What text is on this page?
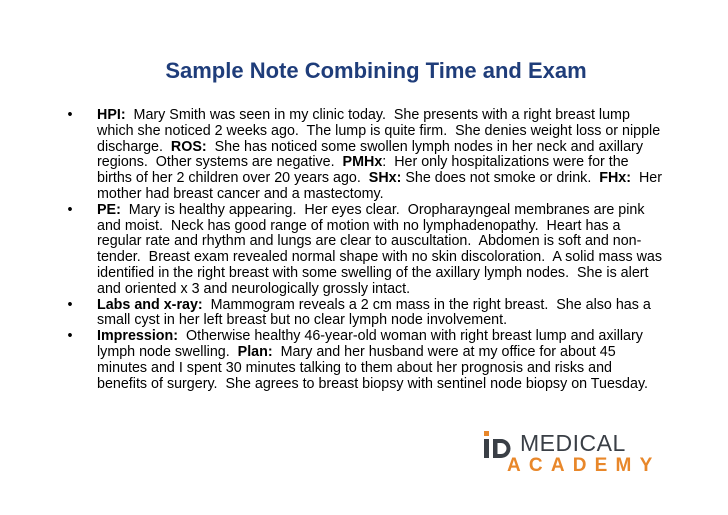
Sample Note Combining Time and Exam
• HPI:  Mary Smith was seen in my clinic today.  She presents with a right breast lump which she noticed 2 weeks ago.  The lump is quite firm.  She denies weight loss or nipple discharge.  ROS:  She has noticed some swollen lymph nodes in her neck and axillary regions.  Other systems are negative.  PMHx:  Her only hospitalizations were for the births of her 2 children over 20 years ago.  SHx: She does not smoke or drink.  FHx:  Her mother had breast cancer and a mastectomy.
• PE:  Mary is healthy appearing.  Her eyes clear.  Oropharayngeal membranes are pink and moist.  Neck has good range of motion with no lymphadenopathy.  Heart has a regular rate and rhythm and lungs are clear to auscultation.  Abdomen is soft and non-tender.  Breast exam revealed normal shape with no skin discoloration.  A solid mass was identified in the right breast with some swelling of the axillary lymph nodes.  She is alert and oriented x 3 and neurologically grossly intact.
• Labs and x-ray:  Mammogram reveals a 2 cm mass in the right breast.  She also has a small cyst in her left breast but no clear lymph node involvement.
• Impression:  Otherwise healthy 46-year-old woman with right breast lump and axillary lymph node swelling.  Plan:  Mary and her husband were at my office for about 45 minutes and I spent 30 minutes talking to them about her prognosis and risks and benefits of surgery.  She agrees to breast biopsy with sentinel node biopsy on Tuesday.
MEDICAL
ACADEMY
